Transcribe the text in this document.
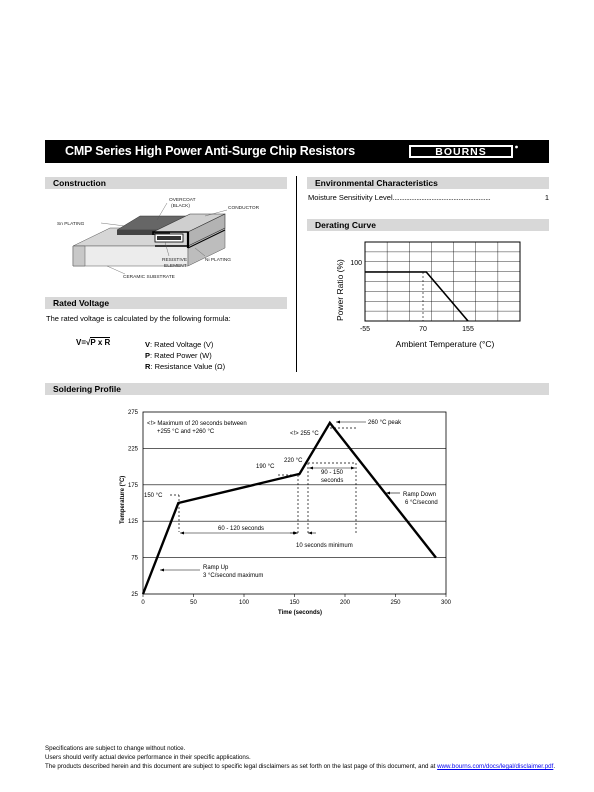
CMP Series High Power Anti-Surge Chip Resistors	BOURNS
Construction
OVERCOAT
(BLACK)	CONDUCTOR
Sn PLATING
RESISTIVE
ELEMENT
Ni PLATING
CERAMIC SUBSTRATE
Environmental Characteristics
Moisture Sensitivity Level..........................................................	1
Derating Curve
100
-55	70	155
Power Ratio (%)
Ambient Temperature (°C)
Rated Voltage
The rated voltage is calculated by the following formula:
V=√P x R	V: Rated Voltage (V)
P: Rated Power (W)
R: Resistance Value (Ω)
Soldering Profile
25
75
125
175
225
275
0	50	100	150	200	250	300
<!> Maximum of 20 seconds between
+255 °C and +260 °C
260 °C peak
<!> 255 °C
220 °C
190 °C
150 °C
90 - 150
seconds
Ramp Down
6 °C/second
60 - 120 seconds
10 seconds minimum
Ramp Up
3 °C/second maximum
Temperature (°C)
Time (seconds)
Specifications are subject to change without notice.
Users should verify actual device performance in their specific applications.
The products described herein and this document are subject to specific legal disclaimers as set forth on the last page of this document, and at www.bourns.com/docs/legal/disclaimer.pdf.
